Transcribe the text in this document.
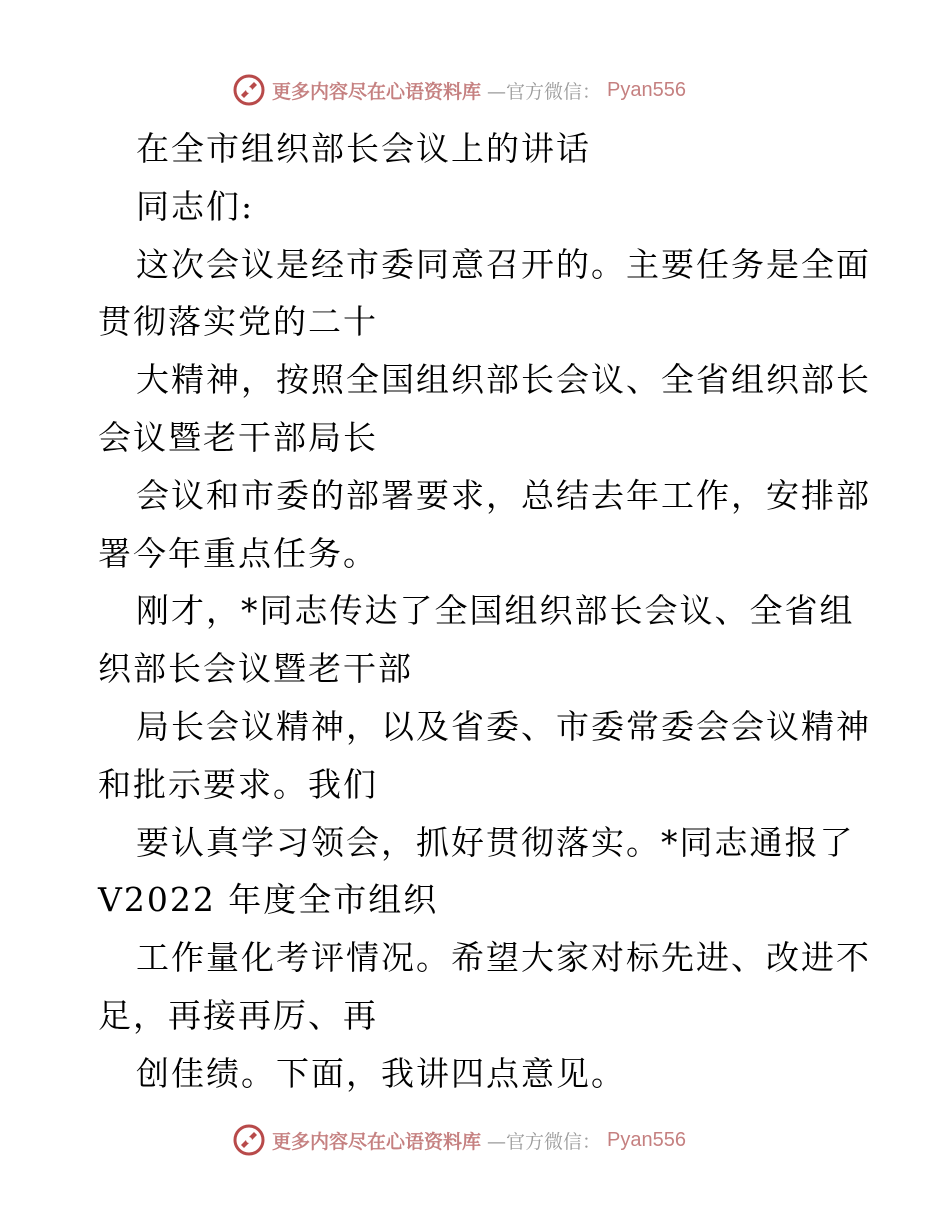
更多内容尽在心语资料库 —官方微信： Pyan556
在全市组织部长会议上的讲话
同志们:
这次会议是经市委同意召开的。主要任务是全面
贯彻落实党的二十
大精神，按照全国组织部长会议、全省组织部长
会议暨老干部局长
会议和市委的部署要求，总结去年工作，安排部
署今年重点任务。
刚才，*同志传达了全国组织部长会议、全省组
织部长会议暨老干部
局长会议精神，以及省委、市委常委会会议精神
和批示要求。我们
要认真学习领会，抓好贯彻落实。*同志通报了
V2022 年度全市组织
工作量化考评情况。希望大家对标先进、改进不
足，再接再厉、再
创佳绩。下面，我讲四点意见。
更多内容尽在心语资料库 —官方微信： Pyan556
